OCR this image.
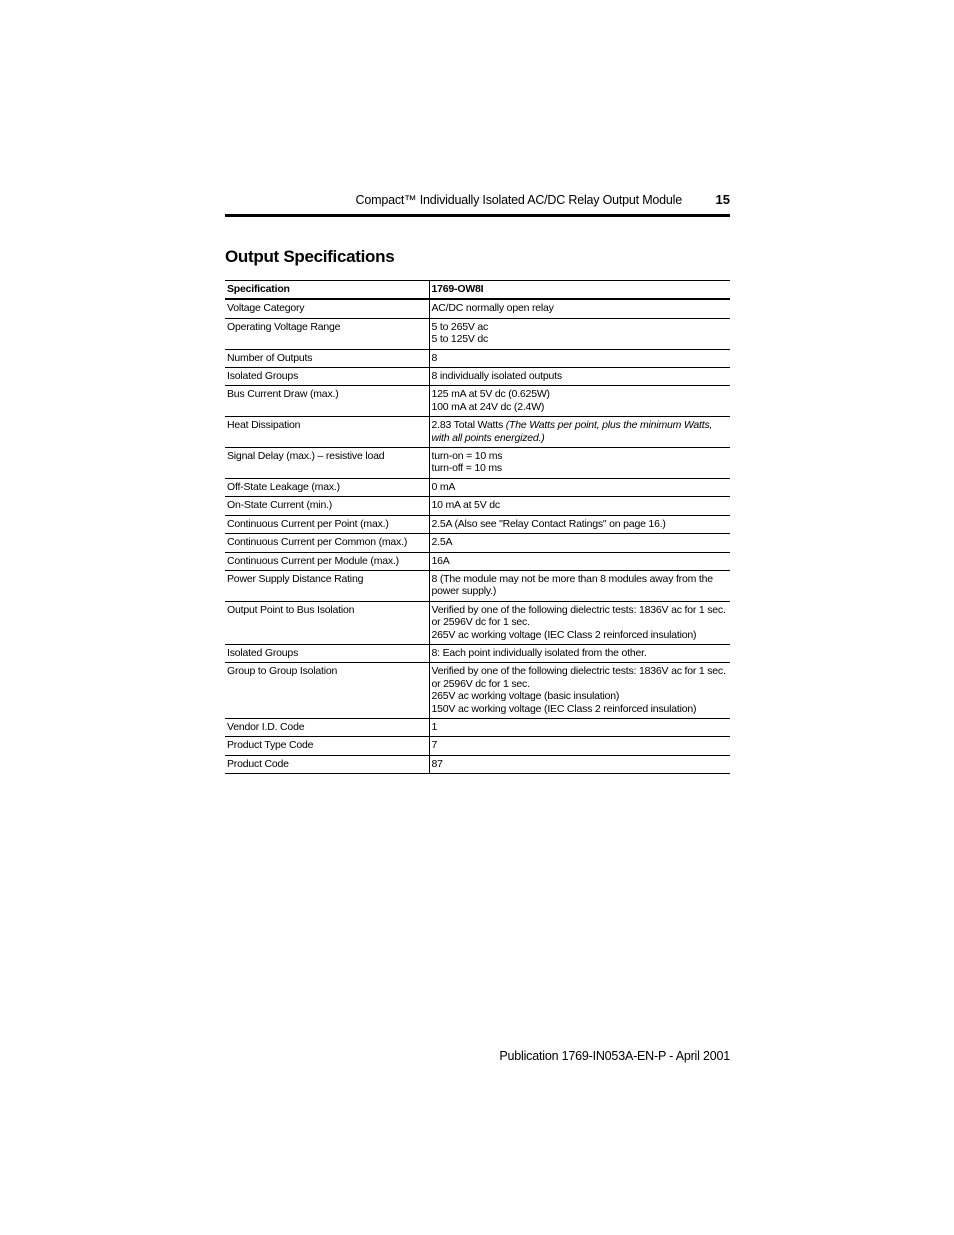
Compact™ Individually Isolated AC/DC Relay Output Module	15
Output Specifications
Specification	1769-OW8I
Voltage Category	AC/DC normally open relay

Operating Voltage Range	5 to 265V ac
5 to 125V dc

Number of Outputs	8

Isolated Groups	8 individually isolated outputs

Bus Current Draw (max.)	125 mA at 5V dc (0.625W)
100 mA at 24V dc (2.4W)

Heat Dissipation	2.83 Total Watts (The Watts per point, plus the minimum Watts, with all points energized.)
Signal Delay (max.) – resistive load	turn-on = 10 ms
turn-off = 10 ms

Off-State Leakage (max.)	0 mA

On-State Current (min.)	10 mA at 5V dc

Continuous Current per Point (max.)	2.5A (Also see "Relay Contact Ratings" on page 16.)

Continuous Current per Common (max.)	2.5A

Continuous Current per Module (max.)	16A

Power Supply Distance Rating	8 (The module may not be more than 8 modules away from the power supply.)
Output Point to Bus Isolation	Verified by one of the following dielectric tests: 1836V ac for 1 sec. or 2596V dc for 1 sec.
265V ac working voltage (IEC Class 2 reinforced insulation)
Isolated Groups	8: Each point individually isolated from the other.

Group to Group Isolation	Verified by one of the following dielectric tests: 1836V ac for 1 sec. or 2596V dc for 1 sec.
265V ac working voltage (basic insulation)
150V ac working voltage (IEC Class 2 reinforced insulation)
Vendor I.D. Code	1

Product Type Code	7

Product Code	87
Publication 1769-IN053A-EN-P - April 2001
